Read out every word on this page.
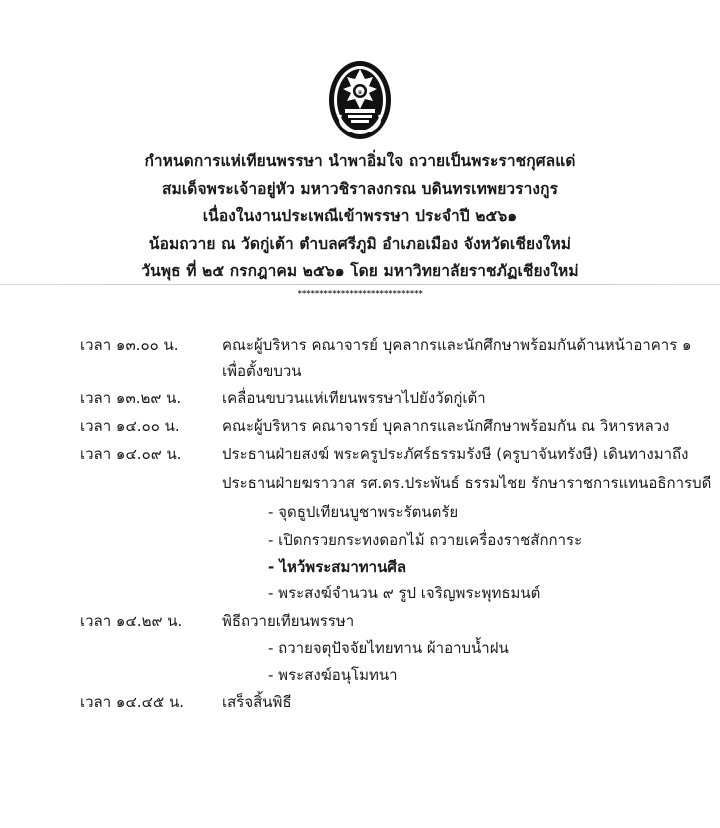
๑
กำหนดการแห่เทียนพรรษา นำพาอิ่มใจ ถวายเป็นพระราชกุศลแด่
สมเด็จพระเจ้าอยู่หัว มหาวชิราลงกรณ บดินทรเทพยวรางกูร
เนื่องในงานประเพณีเข้าพรรษา ประจำปี ๒๕๖๑
น้อมถวาย ณ วัดกู่เต้า ตำบลศรีภูมิ อำเภอเมือง จังหวัดเชียงใหม่
วันพุธ ที่ ๒๕ กรกฎาคม ๒๕๖๑ โดย มหาวิทยาลัยราชภัฏเชียงใหม่
*****************************
เวลา ๑๓.๐๐ น.	คณะผู้บริหาร คณาจารย์ บุคลากรและนักศึกษาพร้อมกันด้านหน้าอาคาร ๑
เพื่อตั้งขบวน
เวลา ๑๓.๒๙ น.	เคลื่อนขบวนแห่เทียนพรรษาไปยังวัดกู่เต้า
เวลา ๑๔.๐๐ น.	คณะผู้บริหาร คณาจารย์ บุคลากรและนักศึกษาพร้อมกัน ณ วิหารหลวง
เวลา ๑๔.๐๙ น.	ประธานฝ่ายสงฆ์ พระครูประภัศร์ธรรมรังษี (ครูบาจันทรังษี) เดินทางมาถึง
ประธานฝ่ายฆราวาส รศ.ดร.ประพันธ์ ธรรมไชย รักษาราชการแทนอธิการบดี
- จุดธูปเทียนบูชาพระรัตนตรัย
- เปิดกรวยกระทงดอกไม้ ถวายเครื่องราชสักการะ
- ไหว้พระสมาทานศีล
- พระสงฆ์จำนวน ๙ รูป เจริญพระพุทธมนต์
เวลา ๑๔.๒๙ น.	พิธีถวายเทียนพรรษา
- ถวายจตุปัจจัยไทยทาน ผ้าอาบน้ำฝน
- พระสงฆ์อนุโมทนา
เวลา ๑๔.๔๕ น.	เสร็จสิ้นพิธี
